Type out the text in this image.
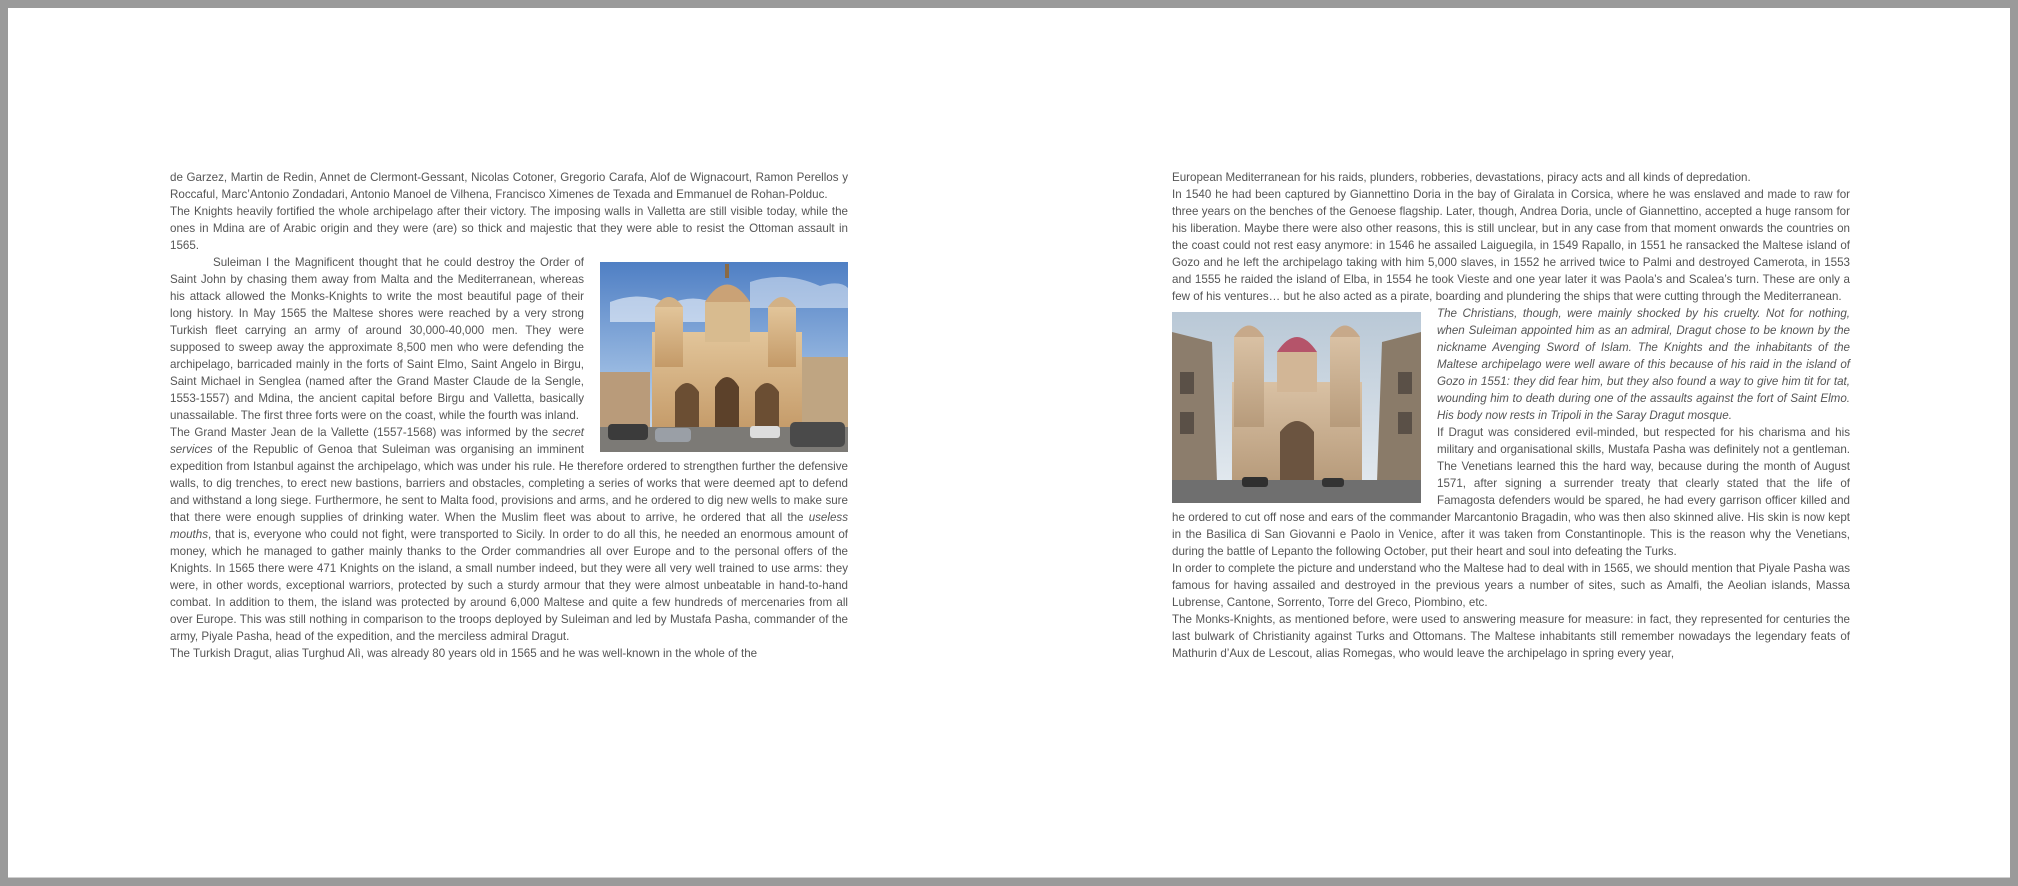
de Garzez, Martin de Redin, Annet de Clermont-Gessant, Nicolas Cotoner, Gregorio Carafa, Alof de Wignacourt, Ramon Perellos y Roccaful, Marc’Antonio Zondadari, Antonio Manoel de Vilhena, Francisco Ximenes de Texada and Emmanuel de Rohan-Polduc.

The Knights heavily fortified the whole archipelago after their victory. The imposing walls in Valletta are still visible today, while the ones in Mdina are of Arabic origin and they were (are) so thick and majestic that they were able to resist the Ottoman assault in 1565.

Suleiman I the Magnificent thought that he could destroy the Order of Saint John by chasing them away from Malta and the Mediterranean, whereas his attack allowed the Monks-Knights to write the most beautiful page of their long history. In May 1565 the Maltese shores were reached by a very strong Turkish fleet carrying an army of around 30,000-40,000 men. They were supposed to sweep away the approximate 8,500 men who were defending the archipelago, barricaded mainly in the forts of Saint Elmo, Saint Angelo in Birgu, Saint Michael in Senglea (named after the Grand Master Claude de la Sengle, 1553-1557) and Mdina, the ancient capital before Birgu and Valletta, basically unassailable. The first three forts were on the coast, while the fourth was inland.

The Grand Master Jean de la Vallette (1557-1568) was informed by the secret services of the Republic of Genoa that Suleiman was organising an imminent expedition from Istanbul against the archipelago, which was under his rule. He therefore ordered to strengthen further the defensive walls, to dig trenches, to erect new bastions, barriers and obstacles, completing a series of works that were deemed apt to defend and withstand a long siege. Furthermore, he sent to Malta food, provisions and arms, and he ordered to dig new wells to make sure that there were enough supplies of drinking water. When the Muslim fleet was about to arrive, he ordered that all the useless mouths, that is, everyone who could not fight, were transported to Sicily. In order to do all this, he needed an enormous amount of money, which he managed to gather mainly thanks to the Order commandries all over Europe and to the personal offers of the Knights. In 1565 there were 471 Knights on the island, a small number indeed, but they were all very well trained to use arms: they were, in other words, exceptional warriors, protected by such a sturdy armour that they were almost unbeatable in hand-to-hand combat. In addition to them, the island was protected by around 6,000 Maltese and quite a few hundreds of mercenaries from all over Europe. This was still nothing in comparison to the troops deployed by Suleiman and led by Mustafa Pasha, commander of the army, Piyale Pasha, head of the expedition, and the merciless admiral Dragut.

The Turkish Dragut, alias Turghud Alì, was already 80 years old in 1565 and he was well-known in the whole of the

European Mediterranean for his raids, plunders, robberies, devastations, piracy acts and all kinds of depredation.

In 1540 he had been captured by Giannettino Doria in the bay of Giralata in Corsica, where he was enslaved and made to raw for three years on the benches of the Genoese flagship. Later, though, Andrea Doria, uncle of Giannettino, accepted a huge ransom for his liberation. Maybe there were also other reasons, this is still unclear, but in any case from that moment onwards the countries on the coast could not rest easy anymore: in 1546 he assailed Laiguegila, in 1549 Rapallo, in 1551 he ransacked the Maltese island of Gozo and he left the archipelago taking with him 5,000 slaves, in 1552 he arrived twice to Palmi and destroyed Camerota, in 1553 and 1555 he raided the island of Elba, in 1554 he took Vieste and one year later it was Paola’s and Scalea’s turn. These are only a few of his ventures… but he also acted as a pirate, boarding and plundering the ships that were cutting through the Mediterranean.

The Christians, though, were mainly shocked by his cruelty. Not for nothing, when Suleiman appointed him as an admiral, Dragut chose to be known by the nickname Avenging Sword of Islam. The Knights and the inhabitants of the Maltese archipelago were well aware of this because of his raid in the island of Gozo in 1551: they did fear him, but they also found a way to give him tit for tat, wounding him to death during one of the assaults against the fort of Saint Elmo. His body now rests in Tripoli in the Saray Dragut mosque.

If Dragut was considered evil-minded, but respected for his charisma and his military and organisational skills, Mustafa Pasha was definitely not a gentleman. The Venetians learned this the hard way, because during the month of August 1571, after signing a surrender treaty that clearly stated that the life of Famagosta defenders would be spared, he had every garrison officer killed and he ordered to cut off nose and ears of the commander Marcantonio Bragadin, who was then also skinned alive. His skin is now kept in the Basilica di San Giovanni e Paolo in Venice, after it was taken from Constantinople. This is the reason why the Venetians, during the battle of Lepanto the following October, put their heart and soul into defeating the Turks.

In order to complete the picture and understand who the Maltese had to deal with in 1565, we should mention that Piyale Pasha was famous for having assailed and destroyed in the previous years a number of sites, such as Amalfi, the Aeolian islands, Massa Lubrense, Cantone, Sorrento, Torre del Greco, Piombino, etc.

The Monks-Knights, as mentioned before, were used to answering measure for measure: in fact, they represented for centuries the last bulwark of Christianity against Turks and Ottomans. The Maltese inhabitants still remember nowadays the legendary feats of Mathurin d’Aux de Lescout, alias Romegas, who would leave the archipelago in spring every year,
